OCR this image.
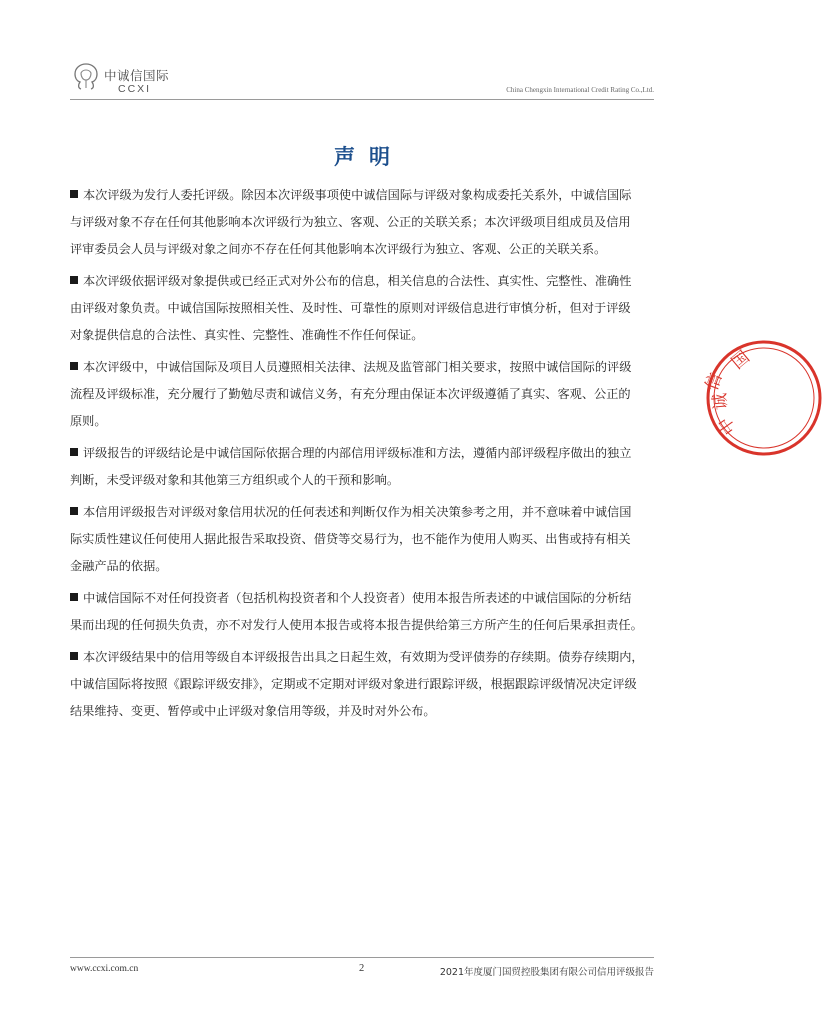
中诚信国际
CCXI	China Chengxin International Credit Rating Co.,Ltd.
声明

本次评级为发行人委托评级。除因本次评级事项使中诚信国际与评级对象构成委托关系外，中诚信国际
与评级对象不存在任何其他影响本次评级行为独立、客观、公正的关联关系；本次评级项目组成员及信用
评审委员会人员与评级对象之间亦不存在任何其他影响本次评级行为独立、客观、公正的关联关系。

本次评级依据评级对象提供或已经正式对外公布的信息，相关信息的合法性、真实性、完整性、准确性
由评级对象负责。中诚信国际按照相关性、及时性、可靠性的原则对评级信息进行审慎分析，但对于评级
对象提供信息的合法性、真实性、完整性、准确性不作任何保证。

本次评级中，中诚信国际及项目人员遵照相关法律、法规及监管部门相关要求，按照中诚信国际的评级
流程及评级标准，充分履行了勤勉尽责和诚信义务，有充分理由保证本次评级遵循了真实、客观、公正的
原则。

评级报告的评级结论是中诚信国际依据合理的内部信用评级标准和方法，遵循内部评级程序做出的独立
判断，未受评级对象和其他第三方组织或个人的干预和影响。

本信用评级报告对评级对象信用状况的任何表述和判断仅作为相关决策参考之用，并不意味着中诚信国
际实质性建议任何使用人据此报告采取投资、借贷等交易行为，也不能作为使用人购买、出售或持有相关
金融产品的依据。

中诚信国际不对任何投资者（包括机构投资者和个人投资者）使用本报告所表述的中诚信国际的分析结
果而出现的任何损失负责，亦不对发行人使用本报告或将本报告提供给第三方所产生的任何后果承担责任。

本次评级结果中的信用等级自本评级报告出具之日起生效，有效期为受评债券的存续期。债券存续期内，
中诚信国际将按照《跟踪评级安排》，定期或不定期对评级对象进行跟踪评级，根据跟踪评级情况决定评级
结果维持、变更、暂停或中止评级对象信用等级，并及时对外公布。

信
诚
中
国
www.ccxi.com.cn	2	2021年度厦门国贸控股集团有限公司信用评级报告
